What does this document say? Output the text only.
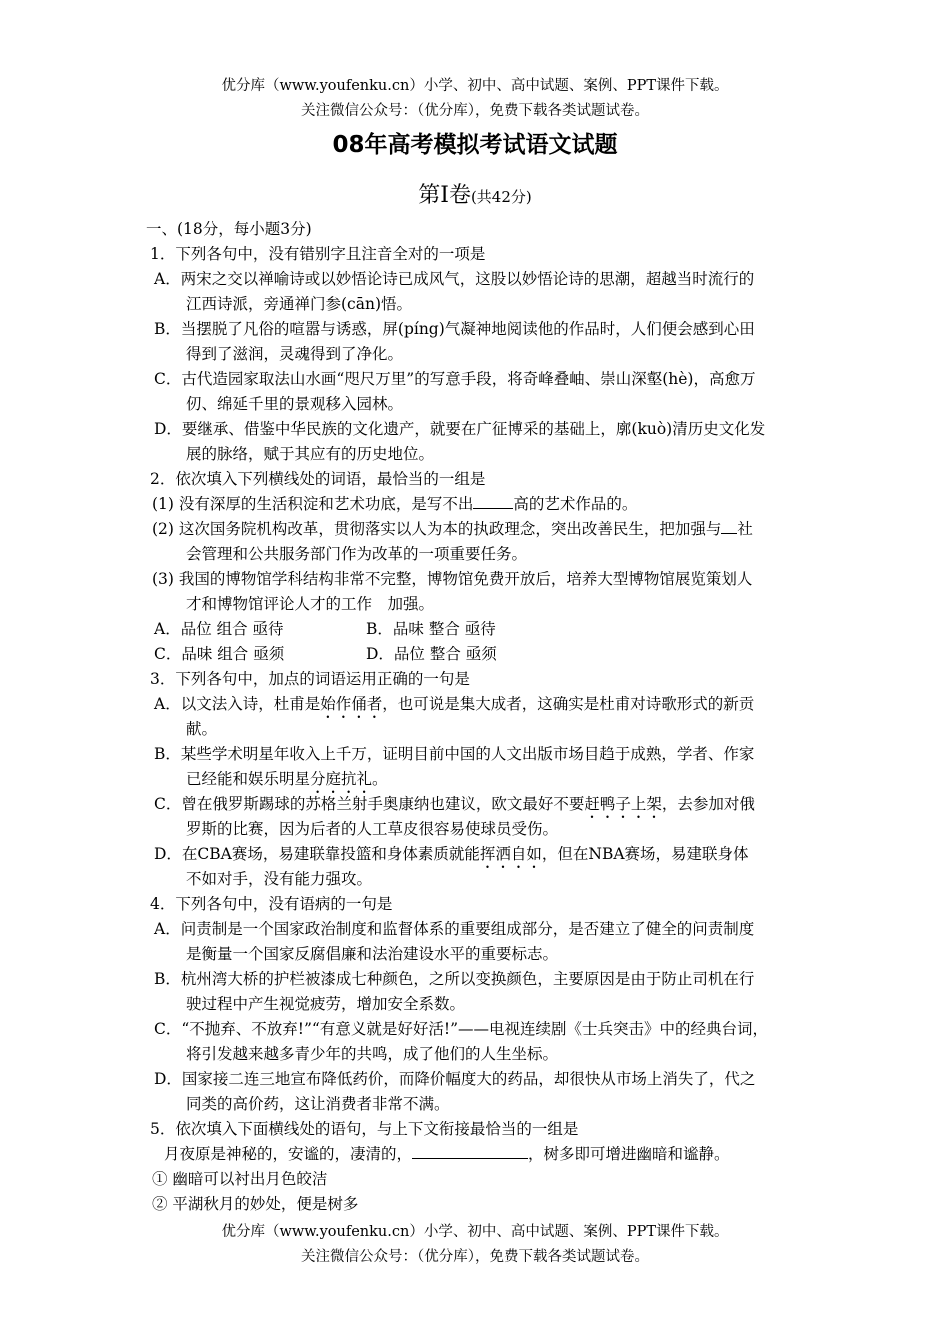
优分库（www.youfenku.cn）小学、初中、高中试题、案例、PPT课件下载。
关注微信公众号：（优分库），免费下载各类试题试卷。
08年高考模拟考试语文试题
第Ⅰ卷(共42分)
一、(18分，每小题3分)
1．下列各句中，没有错别字且注音全对的一项是
A．两宋之交以禅喻诗或以妙悟论诗已成风气，这股以妙悟论诗的思潮，超越当时流行的
江西诗派，旁通禅门参(cān)悟。
B．当摆脱了凡俗的喧嚣与诱惑，屏(píng)气凝神地阅读他的作品时，人们便会感到心田
得到了滋润，灵魂得到了净化。
C．古代造园家取法山水画“咫尺万里”的写意手段，将奇峰叠岫、崇山深壑(hè)，高愈万
仞、绵延千里的景观移入园林。
D．要继承、借鉴中华民族的文化遗产，就要在广征博采的基础上，廓(kuò)清历史文化发
展的脉络，赋于其应有的历史地位。
2．依次填入下列横线处的词语，最恰当的一组是
(1) 没有深厚的生活积淀和艺术功底，是写不出	高的艺术作品的。
(2) 这次国务院机构改革，贯彻落实以人为本的执政理念，突出改善民生，把加强与 社
会管理和公共服务部门作为改革的一项重要任务。
(3) 我国的博物馆学科结构非常不完整，博物馆免费开放后，培养大型博物馆展览策划人
才和博物馆评论人才的工作　加强。
A．品位 组合 亟待	B．品味 整合 亟待
C．品味 组合 亟须	D．品位 整合 亟须
3．下列各句中，加点的词语运用正确的一句是
A．以文法入诗，杜甫是始作俑者，也可说是集大成者，这确实是杜甫对诗歌形式的新贡
献。
B．某些学术明星年收入上千万，证明目前中国的人文出版市场目趋于成熟，学者、作家
已经能和娱乐明星分庭抗礼。
C．曾在俄罗斯踢球的苏格兰射手奥康纳也建议，欧文最好不要赶鸭子上架，去参加对俄
罗斯的比赛，因为后者的人工草皮很容易使球员受伤。
D．在CBA赛场，易建联靠投篮和身体素质就能挥洒自如，但在NBA赛场，易建联身体
不如对手，没有能力强攻。
4．下列各句中，没有语病的一句是
A．问责制是一个国家政治制度和监督体系的重要组成部分，是否建立了健全的问责制度
是衡量一个国家反腐倡廉和法治建设水平的重要标志。
B．杭州湾大桥的护栏被漆成七种颜色，之所以变换颜色，主要原因是由于防止司机在行
驶过程中产生视觉疲劳，增加安全系数。
C．“不抛弃、不放弃!”“有意义就是好好活!”——电视连续剧《士兵突击》中的经典台词，
将引发越来越多青少年的共鸣，成了他们的人生坐标。
D．国家接二连三地宣布降低药价，而降价幅度大的药品，却很快从市场上消失了，代之
同类的高价药，这让消费者非常不满。
5．依次填入下面横线处的语句，与上下文衔接最恰当的一组是
月夜原是神秘的，安谧的，凄清的，	，树多即可增进幽暗和谧静。
① 幽暗可以衬出月色皎洁
② 平湖秋月的妙处，便是树多
优分库（www.youfenku.cn）小学、初中、高中试题、案例、PPT课件下载。
关注微信公众号：（优分库），免费下载各类试题试卷。
